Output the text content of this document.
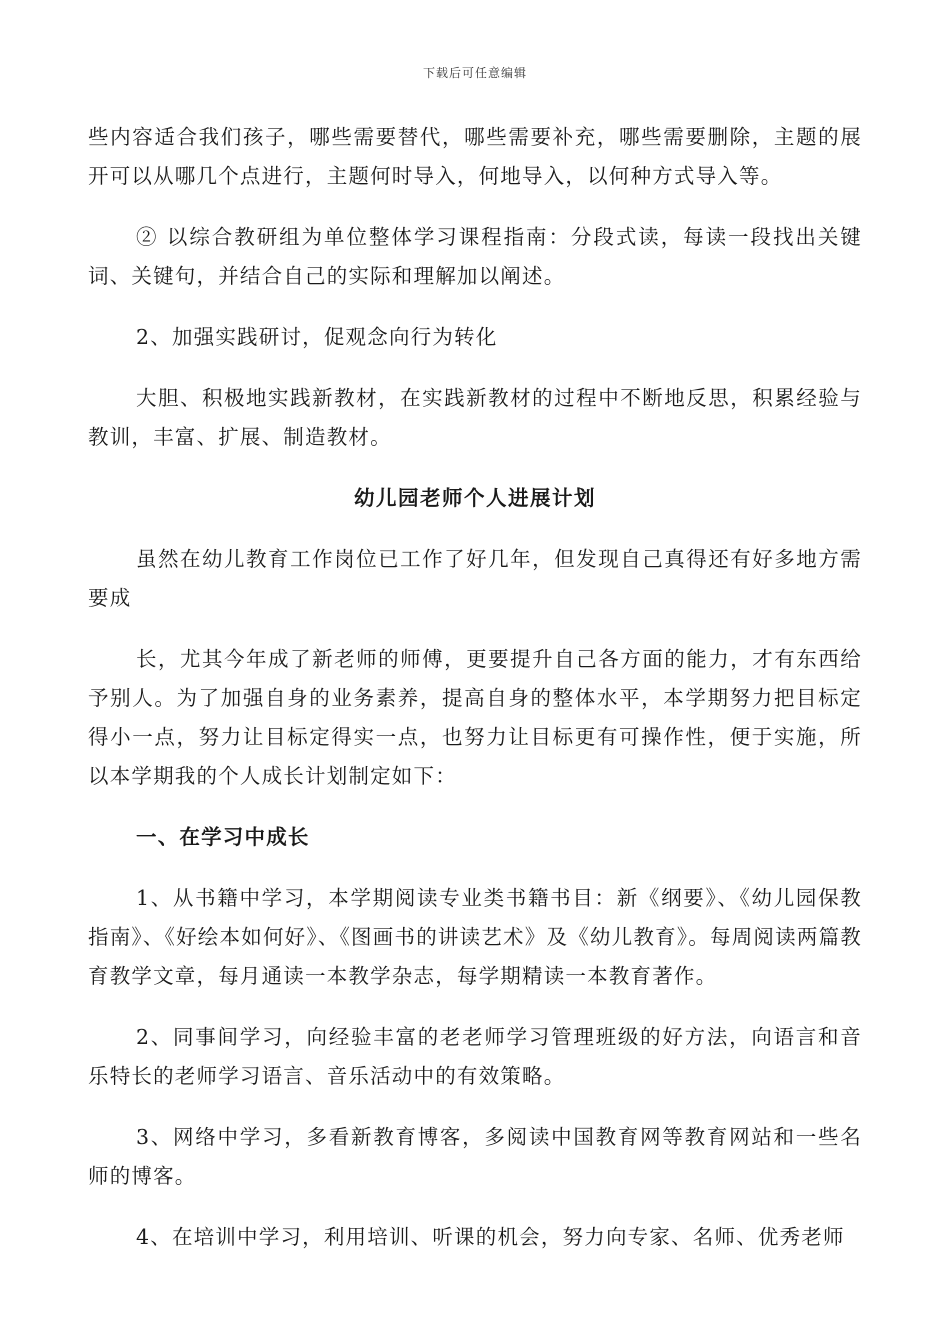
下载后可任意编辑

些内容适合我们孩子，哪些需要替代，哪些需要补充，哪些需要删除，主题的展开可以从哪几个点进行，主题何时导入，何地导入，以何种方式导入等。

② 以综合教研组为单位整体学习课程指南：分段式读，每读一段找出关键词、关键句，并结合自己的实际和理解加以阐述。

2、加强实践研讨，促观念向行为转化

大胆、积极地实践新教材，在实践新教材的过程中不断地反思，积累经验与教训，丰富、扩展、制造教材。

幼儿园老师个人进展计划

虽然在幼儿教育工作岗位已工作了好几年，但发现自己真得还有好多地方需要成

长，尤其今年成了新老师的师傅，更要提升自己各方面的能力，才有东西给予别人。为了加强自身的业务素养，提高自身的整体水平，本学期努力把目标定得小一点，努力让目标定得实一点，也努力让目标更有可操作性，便于实施，所以本学期我的个人成长计划制定如下：

一、在学习中成长

1、从书籍中学习，本学期阅读专业类书籍书目：新《纲要》、《幼儿园保教指南》、《好绘本如何好》、《图画书的讲读艺术》及《幼儿教育》。每周阅读两篇教育教学文章，每月通读一本教学杂志，每学期精读一本教育著作。

2、同事间学习，向经验丰富的老老师学习管理班级的好方法，向语言和音乐特长的老师学习语言、音乐活动中的有效策略。

3、网络中学习，多看新教育博客，多阅读中国教育网等教育网站和一些名师的博客。

4、在培训中学习，利用培训、听课的机会，努力向专家、名师、优秀老师
